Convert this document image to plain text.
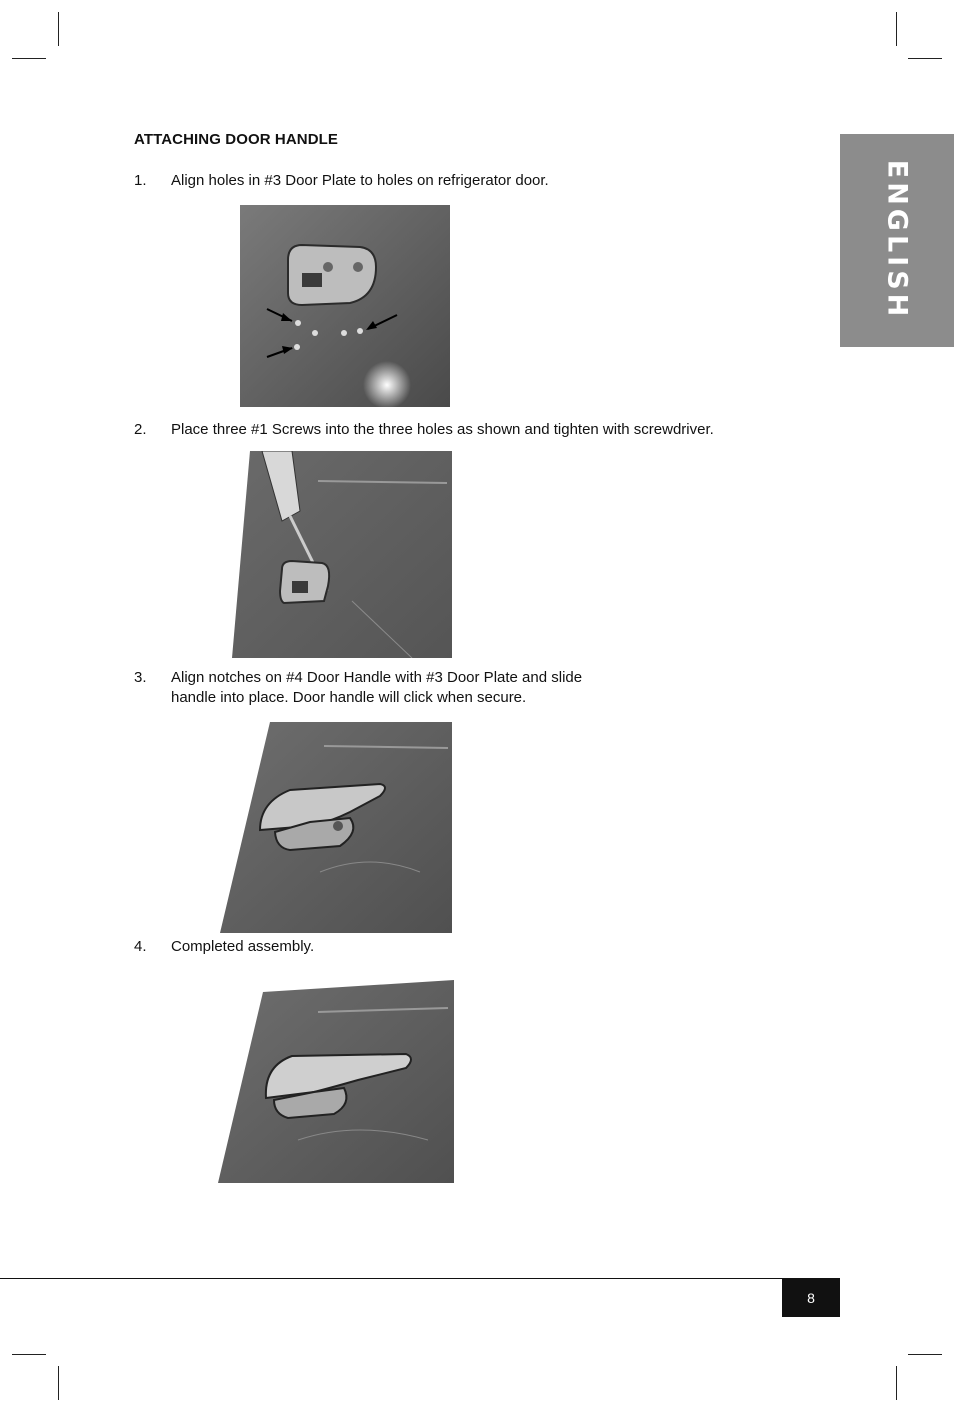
ATTACHING DOOR HANDLE
1. Align holes in #3 Door Plate to holes on refrigerator door.
2. Place three #1 Screws into the three holes as shown and tighten with screwdriver.
3. Align notches on #4 Door Handle with #3 Door Plate and slide
handle into place. Door handle will click when secure.
4. Completed assembly.
ENGLISH
8
